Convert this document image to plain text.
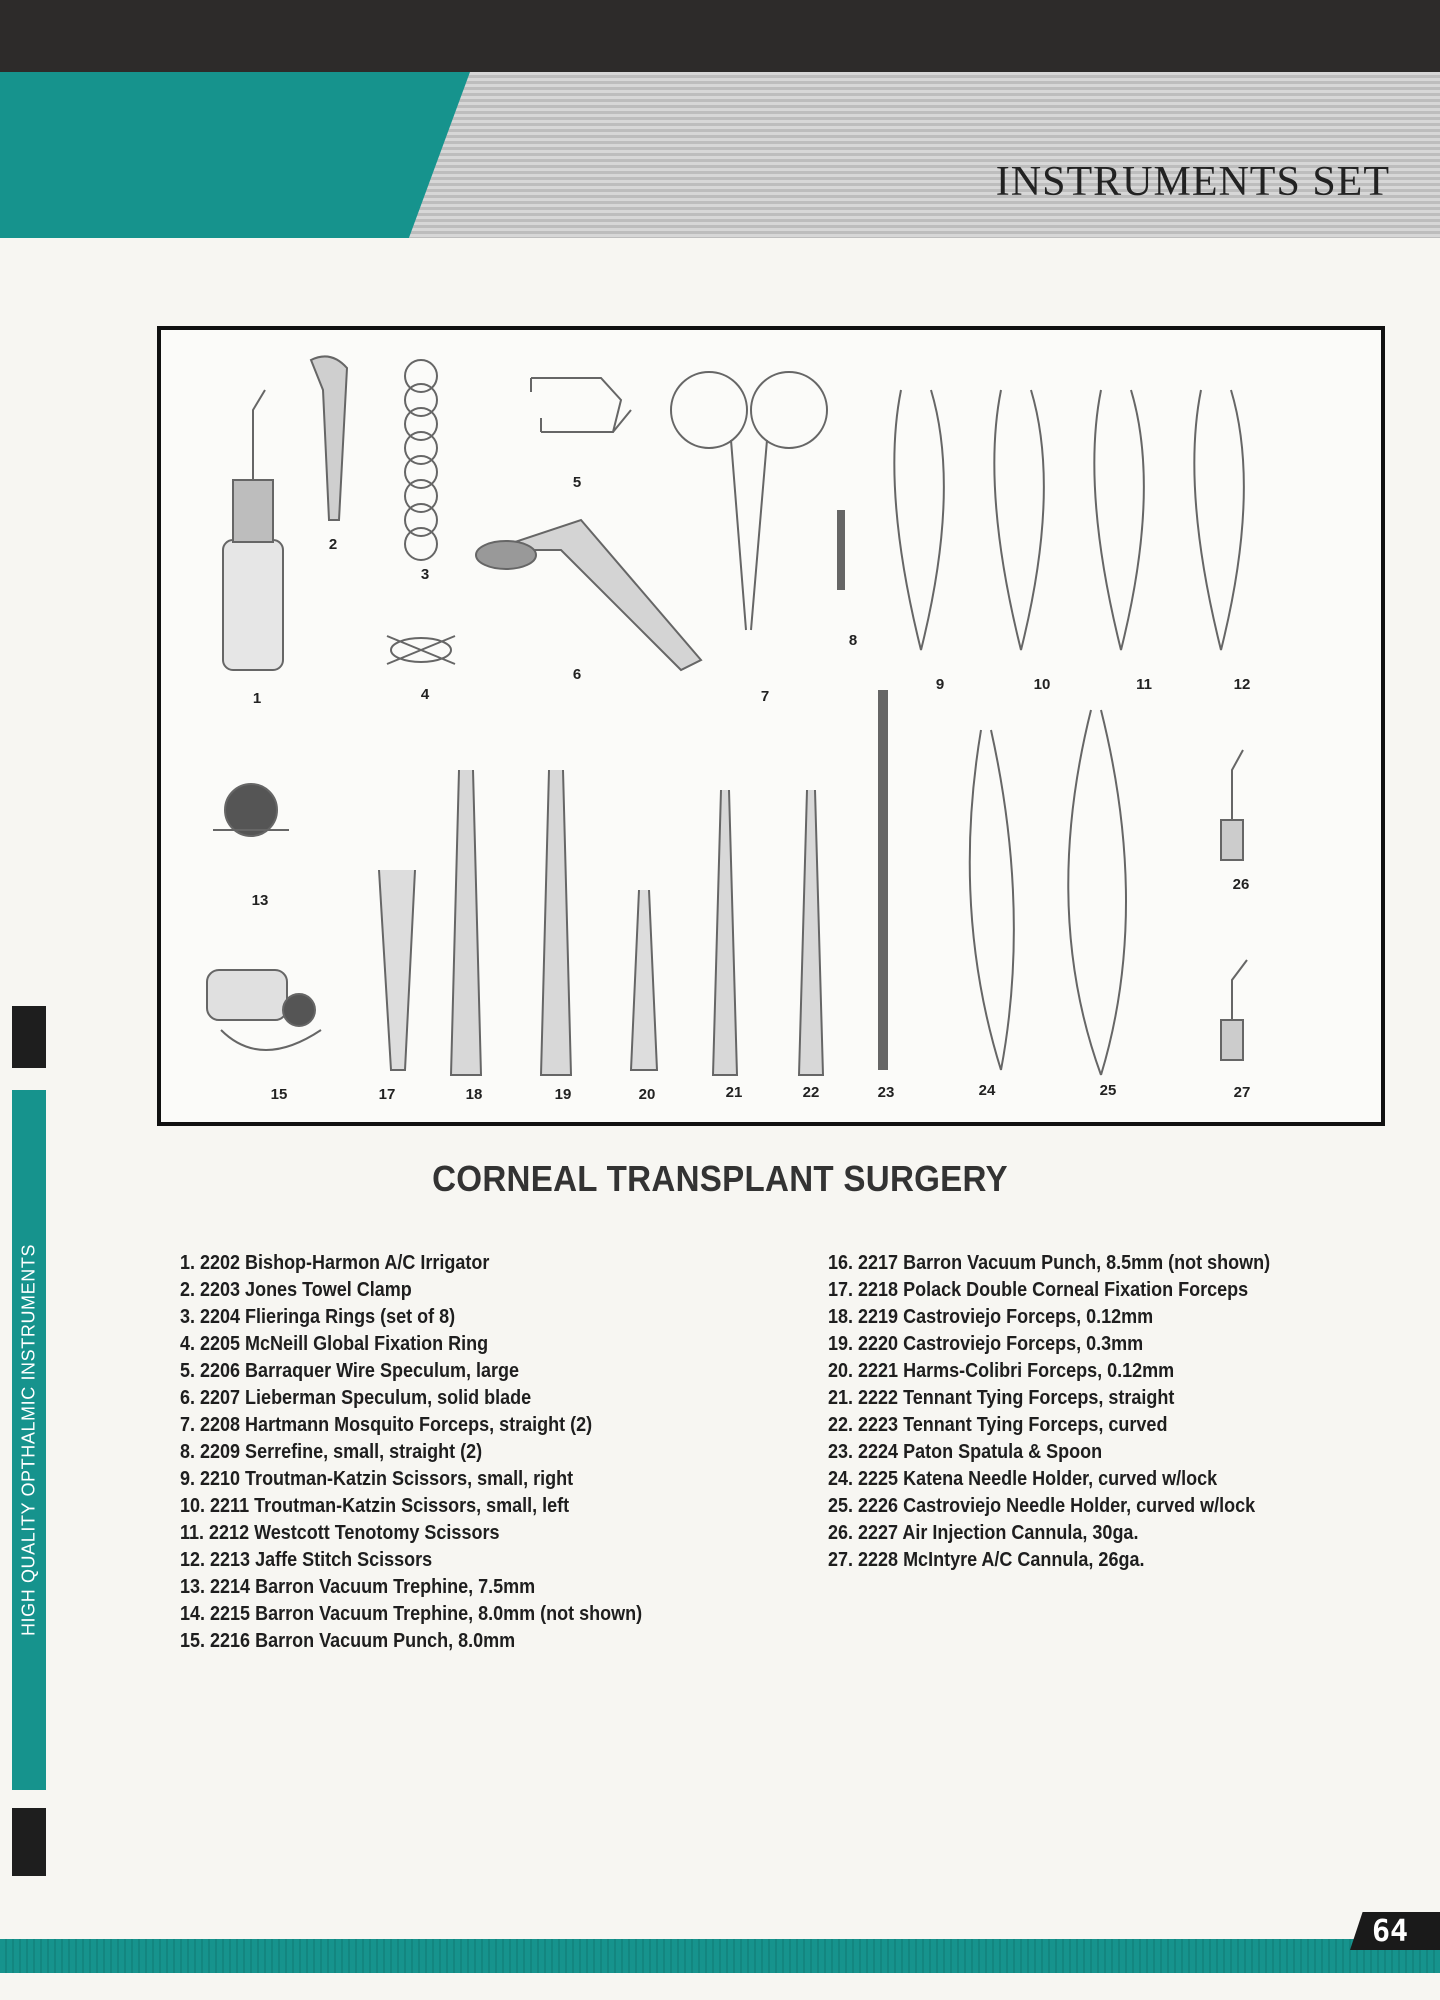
INSTRUMENTS SET
HIGH QUALITY OPTHALMIC INSTRUMENTS
1
2
3
4
5
6
7
8
9	10	11	12
13
15	17	18	19	20	21	22	23	24	25
26
27
CORNEAL TRANSPLANT SURGERY
1. 2202 Bishop-Harmon A/C Irrigator
2. 2203 Jones Towel Clamp
3. 2204 Flieringa Rings (set of 8)
4. 2205 McNeill Global Fixation Ring
5. 2206 Barraquer Wire Speculum, large
6. 2207 Lieberman Speculum, solid blade
7. 2208 Hartmann Mosquito Forceps, straight (2)
8. 2209 Serrefine, small, straight (2)
9. 2210 Troutman-Katzin Scissors, small, right
10. 2211 Troutman-Katzin Scissors, small, left
11. 2212 Westcott Tenotomy Scissors
12. 2213 Jaffe Stitch Scissors
13. 2214 Barron Vacuum Trephine, 7.5mm
14. 2215 Barron Vacuum Trephine, 8.0mm (not shown)
15. 2216 Barron Vacuum Punch, 8.0mm
16. 2217 Barron Vacuum Punch, 8.5mm (not shown)
17. 2218 Polack Double Corneal Fixation Forceps
18. 2219 Castroviejo Forceps, 0.12mm
19. 2220 Castroviejo Forceps, 0.3mm
20. 2221 Harms-Colibri Forceps, 0.12mm
21. 2222 Tennant Tying Forceps, straight
22. 2223 Tennant Tying Forceps, curved
23. 2224 Paton Spatula & Spoon
24. 2225 Katena Needle Holder, curved w/lock
25. 2226 Castroviejo Needle Holder, curved w/lock
26. 2227 Air Injection Cannula, 30ga.
27. 2228 McIntyre A/C Cannula, 26ga.
64
